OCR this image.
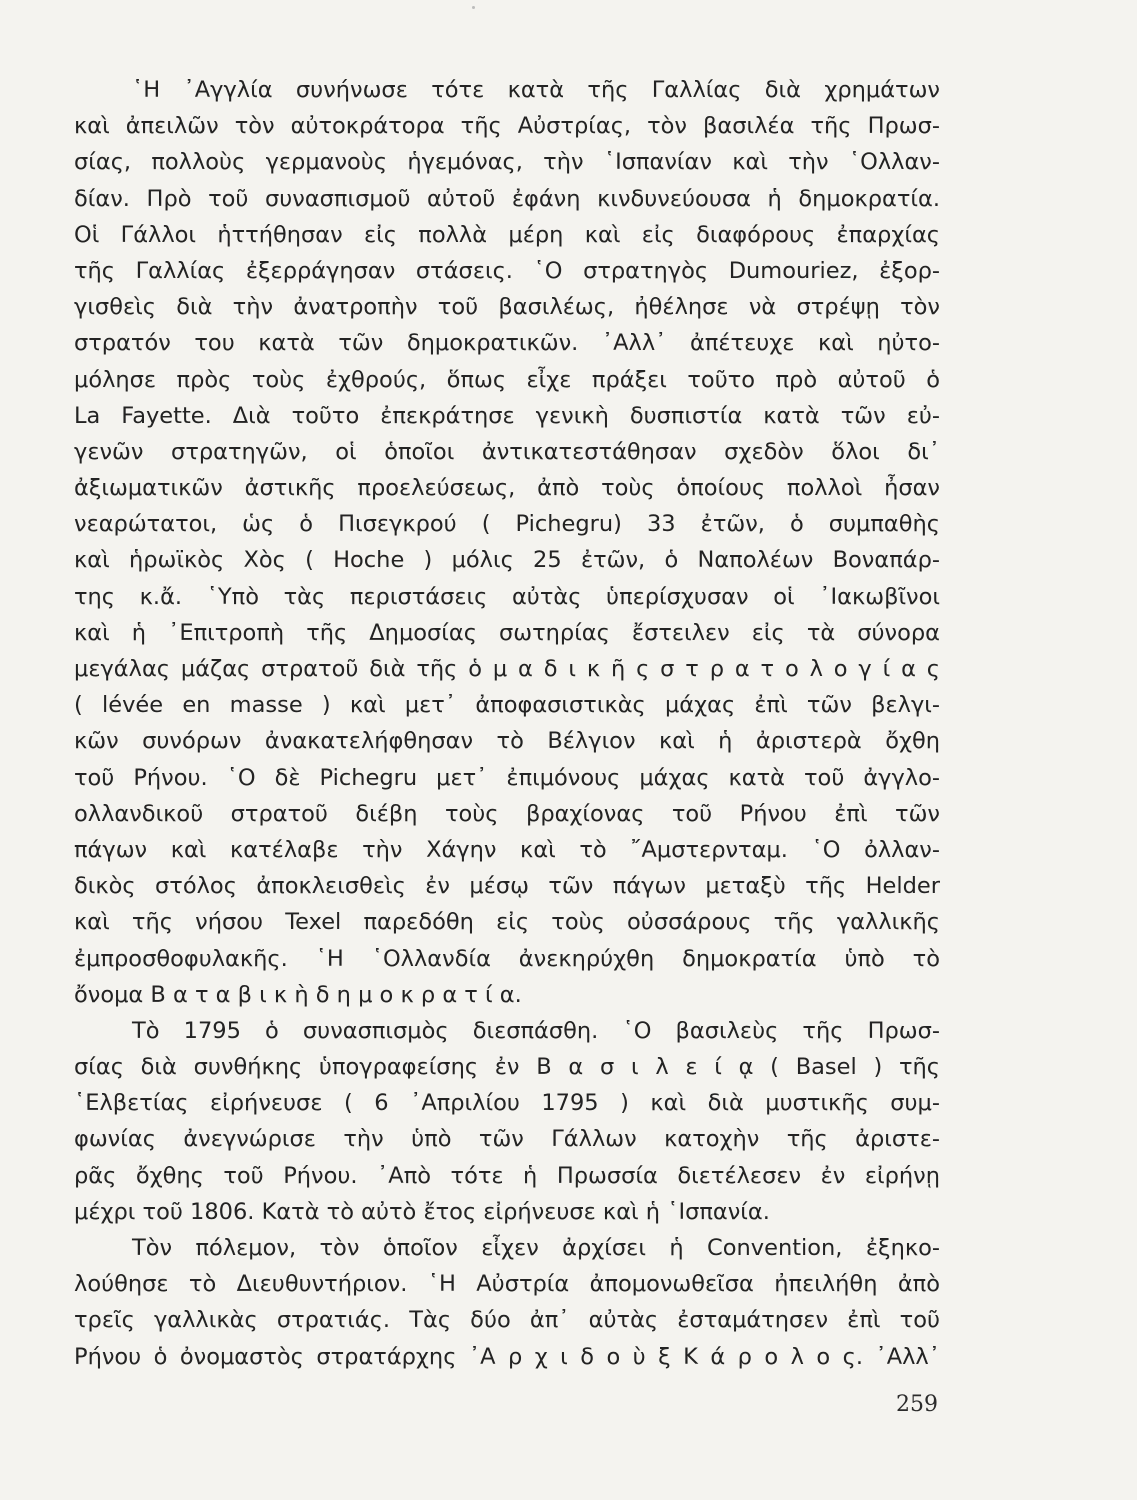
῾Η ᾿Αγγλία συνήνωσε τότε κατὰ τῆς Γαλλίας διὰ χρημάτων
καὶ ἀπειλῶν τὸν αὐτοκράτορα τῆς Αὐστρίας, τὸν βασιλέα τῆς Πρωσ-
σίας, πολλοὺς γερμανοὺς ἡγεμόνας, τὴν ῾Ισπανίαν καὶ τὴν ῾Ολλαν-
δίαν. Πρὸ τοῦ συνασπισμοῦ αὐτοῦ ἐφάνη κινδυνεύουσα ἡ δημοκρατία.
Οἱ Γάλλοι ἡττήθησαν εἰς πολλὰ μέρη καὶ εἰς διαφόρους ἐπαρχίας
τῆς Γαλλίας ἐξερράγησαν στάσεις. ῾Ο στρατηγὸς Dumouriez, ἐξορ-
γισθεὶς διὰ τὴν ἀνατροπὴν τοῦ βασιλέως, ἠθέλησε νὰ στρέψῃ τὸν
στρατόν του κατὰ τῶν δημοκρατικῶν. ᾿Αλλ᾿ ἀπέτευχε καὶ ηὐτο-
μόλησε πρὸς τοὺς ἐχθρούς, ὅπως εἶχε πράξει τοῦτο πρὸ αὐτοῦ ὁ
La Fayette. Διὰ τοῦτο ἐπεκράτησε γενικὴ δυσπιστία κατὰ τῶν εὐ-
γενῶν στρατηγῶν, οἱ ὁποῖοι ἀντικατεστάθησαν σχεδὸν ὅλοι δι᾿
ἀξιωματικῶν ἀστικῆς προελεύσεως, ἀπὸ τοὺς ὁποίους πολλοὶ ἦσαν
νεαρώτατοι, ὡς ὁ Πισεγκρού ( Pichegru) 33 ἐτῶν, ὁ συμπαθὴς
καὶ ἡρωϊκὸς Χὸς ( Hoche ) μόλις 25 ἐτῶν, ὁ Ναπολέων Βοναπάρ-
της κ.ἄ. ῾Υπὸ τὰς περιστάσεις αὐτὰς ὑπερίσχυσαν οἱ ᾿Ιακωβῖνοι
καὶ ἡ ᾿Επιτροπὴ τῆς Δημοσίας σωτηρίας ἔστειλεν εἰς τὰ σύνορα
μεγάλας μάζας στρατοῦ διὰ τῆς ὁ μ α δ ι κ ῆ ς σ τ ρ α τ ο λ ο γ ί α ς
( lévée en masse ) καὶ μετ᾿ ἀποφασιστικὰς μάχας ἐπὶ τῶν βελγι-
κῶν συνόρων ἀνακατελήφθησαν τὸ Βέλγιον καὶ ἡ ἀριστερὰ ὄχθη
τοῦ Ρήνου. ῾Ο δὲ Pichegru μετ᾿ ἐπιμόνους μάχας κατὰ τοῦ ἀγγλο-
ολλανδικοῦ στρατοῦ διέβη τοὺς βραχίονας τοῦ Ρήνου ἐπὶ τῶν
πάγων καὶ κατέλαβε τὴν Χάγην καὶ τὸ ῎Αμστερνταμ. ῾Ο ὀλλαν-
δικὸς στόλος ἀποκλεισθεὶς ἐν μέσῳ τῶν πάγων μεταξὺ τῆς Helder
καὶ τῆς νήσου Texel παρεδόθη εἰς τοὺς οὐσσάρους τῆς γαλλικῆς
ἐμπροσθοφυλακῆς. ῾Η ῾Ολλανδία ἀνεκηρύχθη δημοκρατία ὑπὸ τὸ
ὄνομα Β α τ α β ι κ ὴ δ η μ ο κ ρ α τ ί α.
Τὸ 1795 ὁ συνασπισμὸς διεσπάσθη. ῾Ο βασιλεὺς τῆς Πρωσ-
σίας διὰ συνθήκης ὑπογραφείσης ἐν Β α σ ι λ ε ί ᾳ ( Basel ) τῆς
῾Ελβετίας εἰρήνευσε ( 6 ᾿Απριλίου 1795 ) καὶ διὰ μυστικῆς συμ-
φωνίας ἀνεγνώρισε τὴν ὑπὸ τῶν Γάλλων κατοχὴν τῆς ἀριστε-
ρᾶς ὄχθης τοῦ Ρήνου. ᾿Απὸ τότε ἡ Πρωσσία διετέλεσεν ἐν εἰρήνῃ
μέχρι τοῦ 1806. Κατὰ τὸ αὐτὸ ἔτος εἰρήνευσε καὶ ἡ ῾Ισπανία.
Τὸν πόλεμον, τὸν ὁποῖον εἶχεν ἀρχίσει ἡ Convention, ἐξηκο-
λούθησε τὸ Διευθυντήριον. ῾Η Αὐστρία ἀπομονωθεῖσα ἠπειλήθη ἀπὸ
τρεῖς γαλλικὰς στρατιάς. Τὰς δύο ἀπ᾿ αὐτὰς ἐσταμάτησεν ἐπὶ τοῦ
Ρήνου ὁ ὀνομαστὸς στρατάρχης ᾿Α ρ χ ι δ ο ὺ ξ Κ ά ρ ο λ ο ς. ᾿Αλλ᾿
259
